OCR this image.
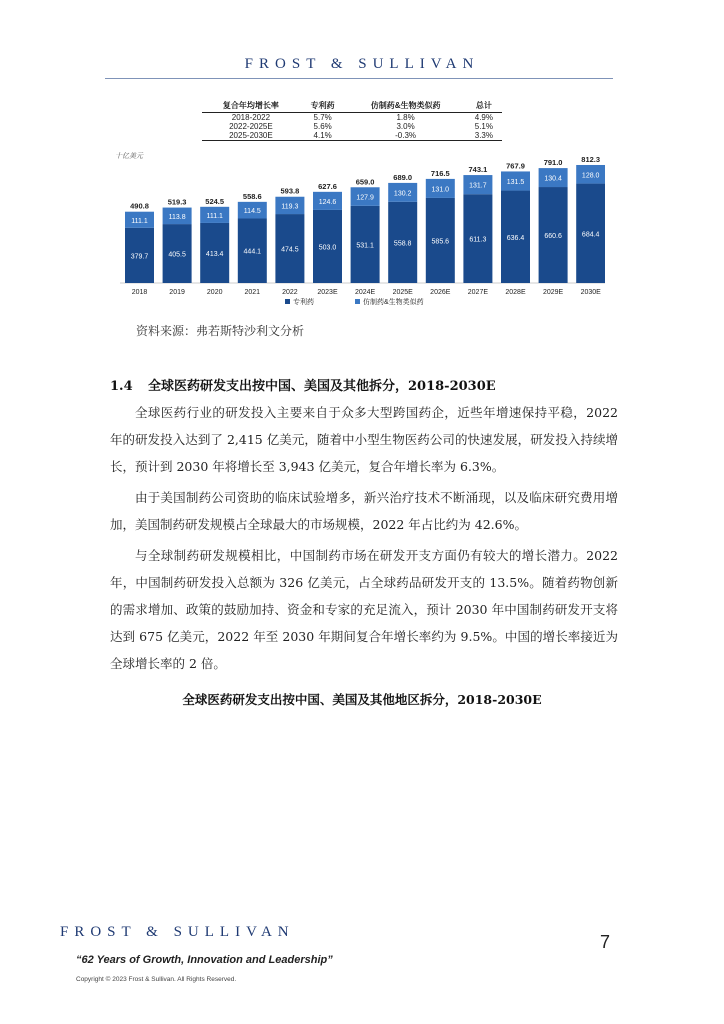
FROST & SULLIVAN
复合年均增长率	专利药	仿制药&生物类似药	总计
2018-2022	5.7%	1.8%	4.9%
2022-2025E	5.6%	3.0%	5.1%
2025-2030E	4.1%	-0.3%	3.3%
十亿美元
379.7
111.1
490.8
2018
405.5
113.8
519.3
2019
413.4
111.1
524.5
2020
444.1
114.5
558.6
2021
474.5
119.3
593.8
2022
503.0
124.6
627.6
2023E
531.1
127.9
659.0
2024E
558.8
130.2
689.0
2025E
585.6
131.0
716.5
2026E
611.3
131.7
743.1
2027E
636.4
131.5
767.9
2028E
660.6
130.4
791.0
2029E
684.4
128.0
812.3
2030E
专利药	仿制药&生物类似药
资料来源：弗若斯特沙利文分析
1.4 全球医药研发支出按中国、美国及其他拆分，2018-2030E

全球医药行业的研发投入主要来自于众多大型跨国药企，近些年增速保持平稳，2022 年的研发投入达到了 2,415 亿美元，随着中小型生物医药公司的快速发展，研发投入持续增长，预计到 2030 年将增长至 3,943 亿美元，复合年增长率为 6.3%。

由于美国制药公司资助的临床试验增多，新兴治疗技术不断涌现，以及临床研究费用增加，美国制药研发规模占全球最大的市场规模，2022 年占比约为 42.6%。

与全球制药研发规模相比，中国制药市场在研发开支方面仍有较大的增长潜力。2022 年，中国制药研发投入总额为 326 亿美元，占全球药品研发开支的 13.5%。随着药物创新的需求增加、政策的鼓励加持、资金和专家的充足流入，预计 2030 年中国制药研发开支将达到 675 亿美元，2022 年至 2030 年期间复合年增长率约为 9.5%。中国的增长率接近为全球增长率的 2 倍。

全球医药研发支出按中国、美国及其他地区拆分，2018-2030E
FROST & SULLIVAN	7
“62 Years of Growth, Innovation and Leadership”
Copyright © 2023 Frost & Sullivan. All Rights Reserved.
